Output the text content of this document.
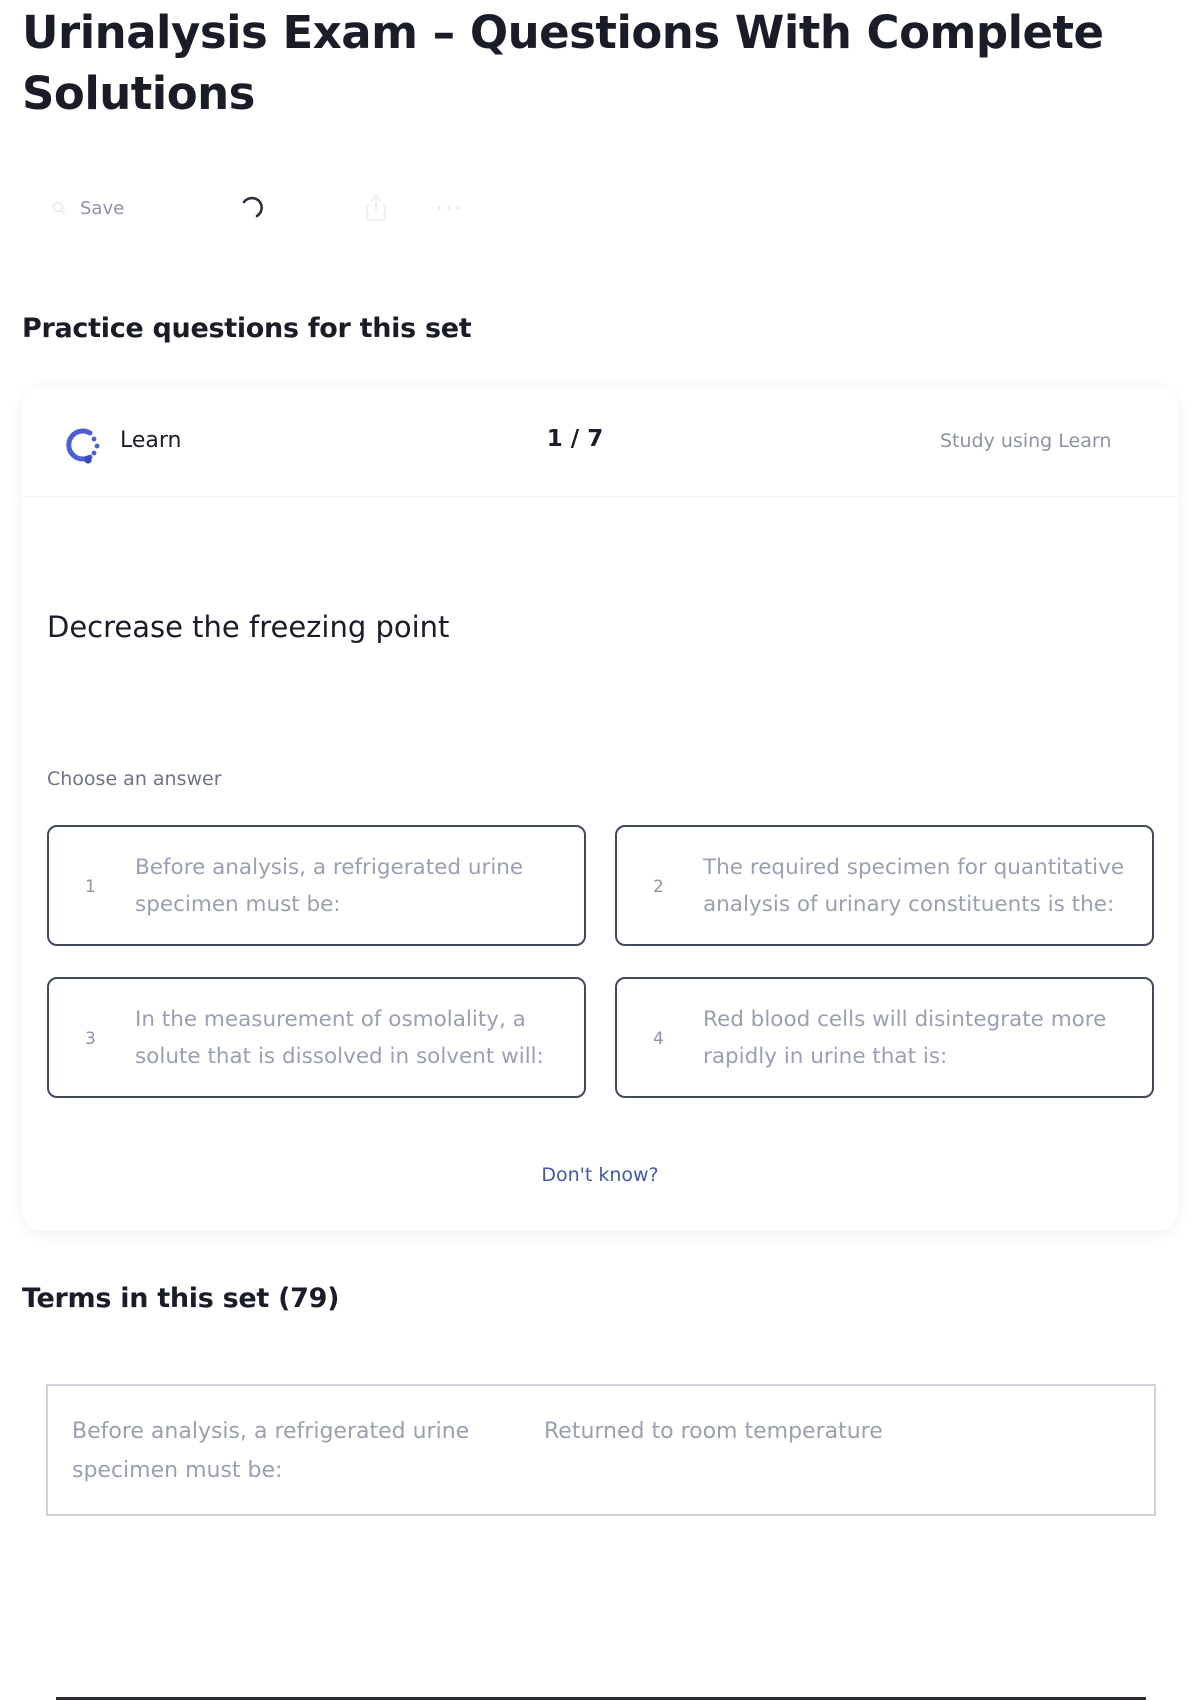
Urinalysis Exam – Questions With Complete Solutions
Save	···
Practice questions for this set
Learn	1 / 7	Study using Learn
Decrease the freezing point
Choose an answer
1
Before analysis, a refrigerated urine specimen must be:
2
The required specimen for quantitative analysis of urinary constituents is the:
3
In the measurement of osmolality, a solute that is dissolved in solvent will:
4
Red blood cells will disintegrate more rapidly in urine that is:
Don't know?
Terms in this set (79)
Before analysis, a refrigerated urine specimen must be:
Returned to room temperature
